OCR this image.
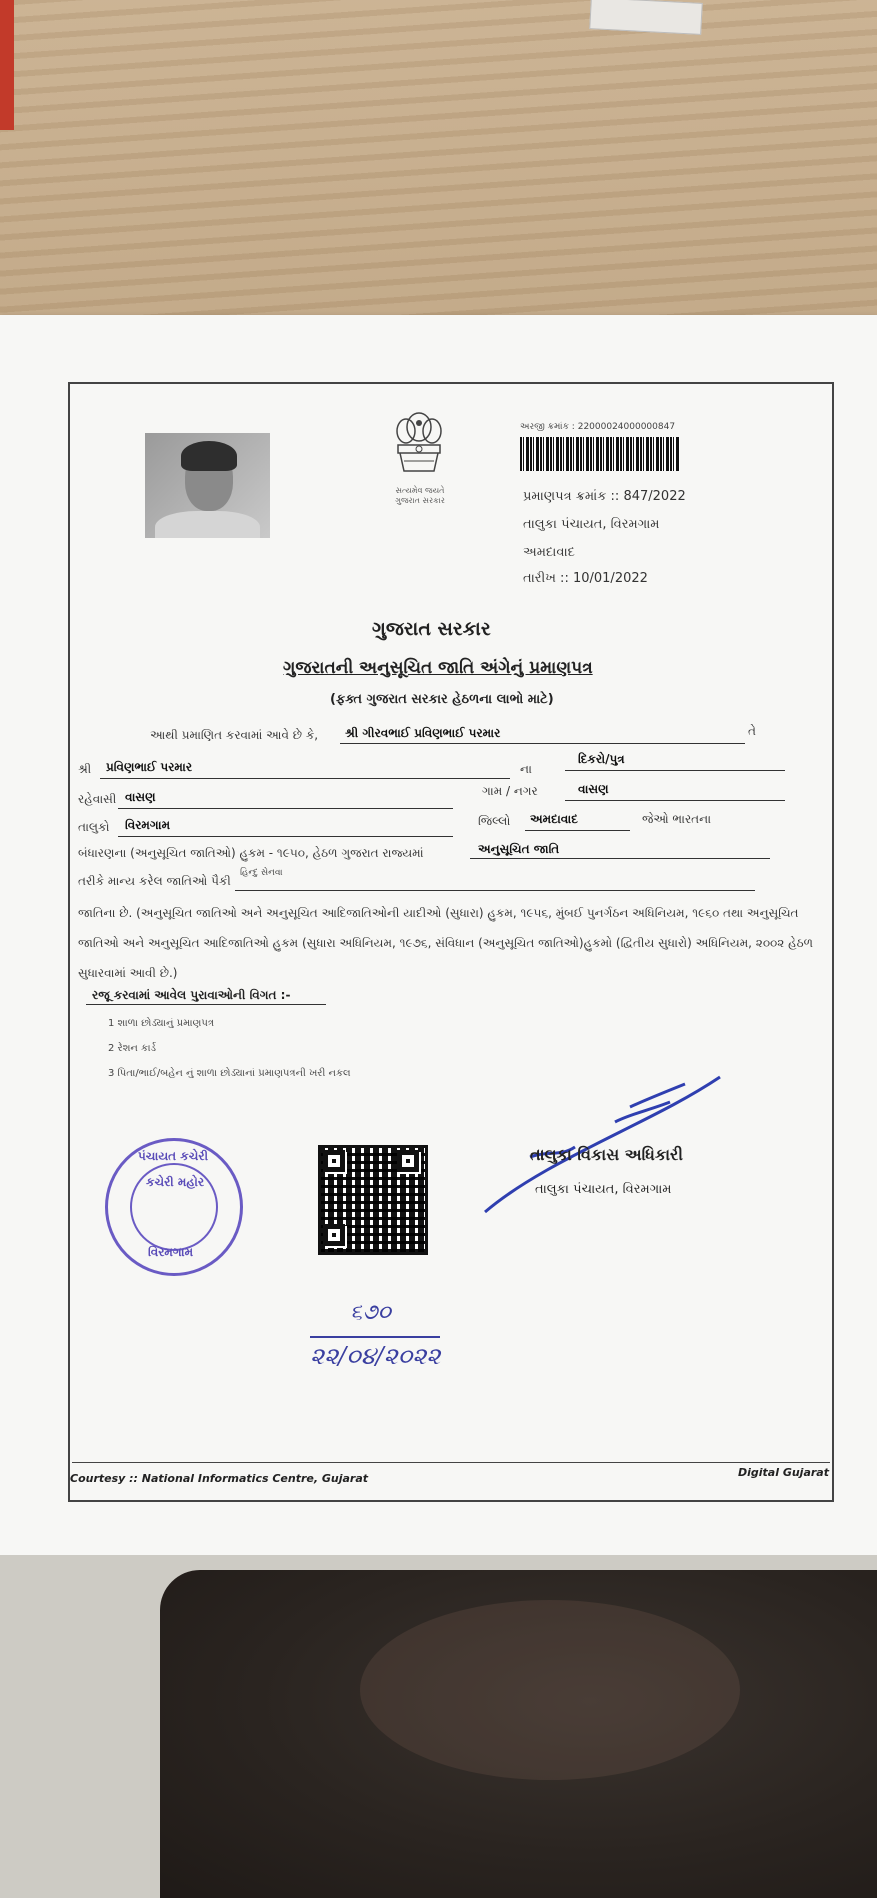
સત્યમેવ જયતે
ગુજરાત સરકાર
અરજી ક્રમાંક : 22000024000000847
પ્રમાણપત્ર ક્રમાંક :: 847/2022
તાલુકા પંચાયત, વિરમગામ
અમદાવાદ
તારીખ :: 10/01/2022
ગુજરાત સરકાર
ગુજરાતની અનુસૂચિત જાતિ અંગેનું પ્રમાણપત્ર
(ફક્ત ગુજરાત સરકાર હેઠળના લાભો માટે)
આથી પ્રમાણિત કરવામાં આવે છે કે, શ્રી ગીરવભાઈ પ્રવિણભાઈ પરમાર	તે
શ્રી પ્રવિણભાઈ પરમાર	ના
દિકરો/પુત્ર
રહેવાસી વાસણ	ગામ / નગર	વાસણ
તાલુકો વિરમગામ	જિલ્લો અમદાવાદ	જેઓ ભારતના
બંધારણના (અનુસૂચિત જાતિઓ) હુકમ - ૧૯૫૦, હેઠળ ગુજરાત રાજ્યમાં	અનુસૂચિત જાતિ
તરીકે માન્ય કરેલ જાતિઓ પૈકી
હિન્દુ સેનવા
જાતિના છે. (અનુસૂચિત જાતિઓ અને અનુસૂચિત આદિજાતિઓની યાદીઓ (સુધારા) હુકમ, ૧૯૫૬, મુંબઈ પુનર્ગઠન અધિનિયમ, ૧૯૬૦ તથા અનુસૂચિત જાતિઓ અને અનુસૂચિત આદિજાતિઓ હુકમ (સુધારા અધિનિયમ, ૧૯૭૬, સંવિધાન (અનુસૂચિત જાતિઓ)હુકમો (દ્વિતીય સુધારો) અધિનિયમ, ૨૦૦૨ હેઠળ સુધારવામાં આવી છે.)
રજૂ કરવામાં આવેલ પુરાવાઓની વિગત :-
1 શાળા છોડ્યાનું પ્રમાણપત્ર
2 રેશન કાર્ડ
3 પિતા/ભાઈ/બહેન નું શાળા છોડ્યાનાં પ્રમાણપત્રની ખરી નકલ
પંચાયત કચેરી
કચેરી મહોર
વિરમગામ
તાલુકા વિકાસ અધિકારી
તાલુકા પંચાયત, વિરમગામ
૬૭૦
૨૨/૦૪/૨૦૨૨
Courtesy :: National Informatics Centre, Gujarat	Digital Gujarat
